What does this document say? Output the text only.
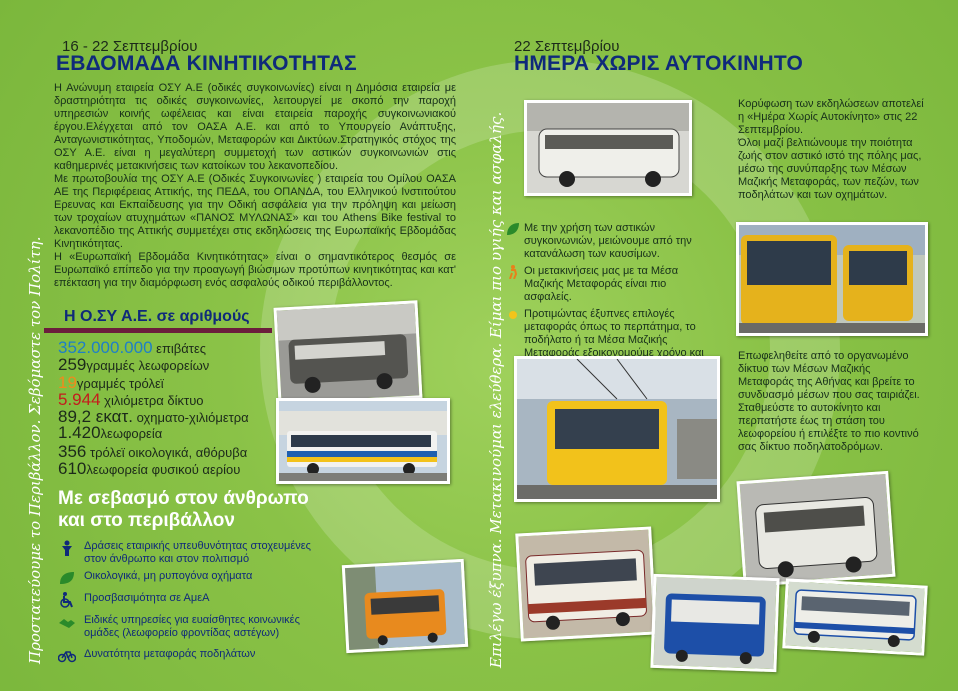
Προστατεύουμε το Περιβάλλον. Σεβόμαστε τον Πολίτη.	Επιλέγω έξυπνα. Μετακινούμαι ελεύθερα. Είμαι πιο υγιής και ασφαλής.
16 - 22 Σεπτεμβρίου
ΕΒΔΟΜΑΔΑ ΚΙΝΗΤΙΚΟΤΗΤΑΣ

Η Ανώνυμη εταιρεία ΟΣΥ Α.Ε (οδικές συγκοινωνίες) είναι η Δημόσια εταιρεία με δραστηριότητα τις οδικές συγκοινωνίες, λειτουργεί με σκοπό την παροχή υπηρεσιών κοινής ωφέλειας και είναι εταιρεία παροχής συγκοινωνιακού έργου.Ελέγχεται από τον ΟΑΣΑ Α.Ε. και από το Υπουργείο Ανάπτυξης, Ανταγωνιστικότητας, Υποδομών, Μεταφορών και Δικτύων.Στρατηγικός στόχος της ΟΣΥ Α.Ε. είναι η μεγαλύτερη συμμετοχή των αστικών συγκοινωνιών στις καθημερινές μετακινήσεις των κατοίκων του λεκανοπεδίου.

Με πρωτοβουλία της ΟΣΥ Α.Ε (Οδικές Συγκοινωνίες ) εταιρεία του Ομίλου ΟΑΣΑ ΑΕ της Περιφέρειας Αττικής, της ΠΕΔΑ, του ΟΠΑΝΔΑ, του Ελληνικού Ινστιτούτου Ερευνας και Εκπαίδευσης για την Οδική ασφάλεια για την πρόληψη και μείωση των τροχαίων ατυχημάτων «ΠΑΝΟΣ ΜΥΛΩΝΑΣ» και του Athens Bike festival το λεκανοπέδιο της Αττικής συμμετέχει στις εκδηλώσεις της Ευρωπαϊκής Εβδομάδας Κινητικότητας.

Η «Ευρωπαϊκή Εβδομάδα Κινητικότητας» είναι ο σημαντικότερος θεσμός σε Ευρωπαϊκό επίπεδο για την προαγωγή βιώσιμων προτύπων κινητικότητας και κατ' επέκταση για την διαμόρφωση ενός ασφαλούς οδικού περιβάλλοντος.

Η Ο.ΣΥ Α.Ε. σε αριθμούς
352.000.000 επιβάτες
259γραμμές λεωφορείων
19γραμμές τρόλεϊ
5.944 χιλιόμετρα δίκτυο
89,2 εκατ. οχηματο-χιλιόμετρα
1.420λεωφορεία
356 τρόλεϊ οικολογικά, αθόρυβα
610λεωφορεία φυσικού αερίου
Με σεβασμό στον άνθρωπο
και στο περιβάλλον
Δράσεις εταιρικής υπευθυνότητας στοχευμένες στον άνθρωπο και στον πολιτισμό
Οικολογικά, μη ρυπογόνα οχήματα
Προσβασιμότητα σε ΑμεΑ
Ειδικές υπηρεσίες για ευαίσθητες κοινωνικές ομάδες (λεωφορείο φροντίδας αστέγων)
Δυνατότητα μεταφοράς ποδηλάτων
22 Σεπτεμβρίου
ΗΜΕΡΑ ΧΩΡΙΣ ΑΥΤΟΚΙΝΗΤΟ
Κορύφωση των εκδηλώσεων αποτελεί η «Ημέρα Χωρίς Αυτοκίνητο» στις 22 Σεπτεμβρίου.
Όλοι μαζί βελτιώνουμε την ποιότητα ζωής στον αστικό ιστό της πόλης μας, μέσω της συνύπαρξης των Μέσων Μαζικής Μεταφοράς, των πεζών, των ποδηλάτων και των οχημάτων.
Με την χρήση των αστικών συγκοινωνιών, μειώνουμε από την κατανάλωση των καυσίμων.
Οι μετακινήσεις μας με τα Μέσα Μαζικής Μεταφοράς είναι πιο ασφαλείς.
Προτιμώντας έξυπνες επιλογές μεταφοράς όπως το περπάτημα, το ποδήλατο ή τα Μέσα Μαζικής Μεταφοράς εξοικονομούμε χρόνο και	Επωφεληθείτε από το οργανωμένο δίκτυο των Μέσων Μαζικής Μεταφοράς της Αθήνας και βρείτε το συνδυασμό μέσων που σας ταιριάζει.
Σταθμεύστε το αυτοκίνητο και περπατήστε έως τη στάση του λεωφορείου ή επιλέξτε το πιο κοντινό σας δίκτυο ποδηλατοδρόμων.
